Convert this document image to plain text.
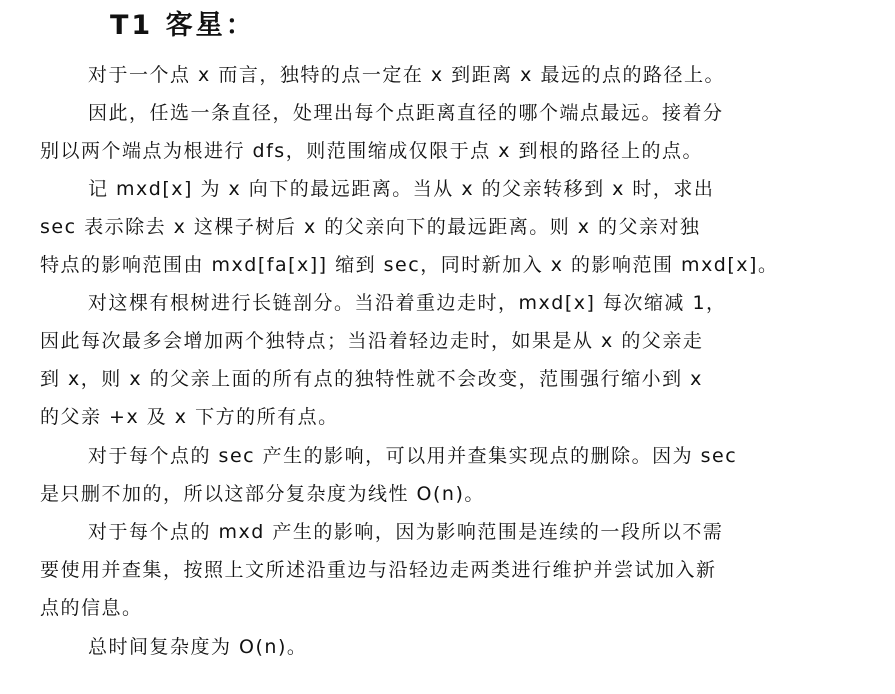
T1 客星：
对于一个点 x 而言，独特的点一定在 x 到距离 x 最远的点的路径上。
因此，任选一条直径，处理出每个点距离直径的哪个端点最远。接着分
别以两个端点为根进行 dfs，则范围缩成仅限于点 x 到根的路径上的点。
记 mxd[x] 为 x 向下的最远距离。当从 x 的父亲转移到 x 时，求出
sec 表示除去 x 这棵子树后 x 的父亲向下的最远距离。则 x 的父亲对独
特点的影响范围由 mxd[fa[x]] 缩到 sec，同时新加入 x 的影响范围 mxd[x]。
对这棵有根树进行长链剖分。当沿着重边走时，mxd[x] 每次缩减 1，
因此每次最多会增加两个独特点；当沿着轻边走时，如果是从 x 的父亲走
到 x，则 x 的父亲上面的所有点的独特性就不会改变，范围强行缩小到 x
的父亲 +x 及 x 下方的所有点。
对于每个点的 sec 产生的影响，可以用并查集实现点的删除。因为 sec
是只删不加的，所以这部分复杂度为线性 O(n)。
对于每个点的 mxd 产生的影响，因为影响范围是连续的一段所以不需
要使用并查集，按照上文所述沿重边与沿轻边走两类进行维护并尝试加入新
点的信息。
总时间复杂度为 O(n)。
